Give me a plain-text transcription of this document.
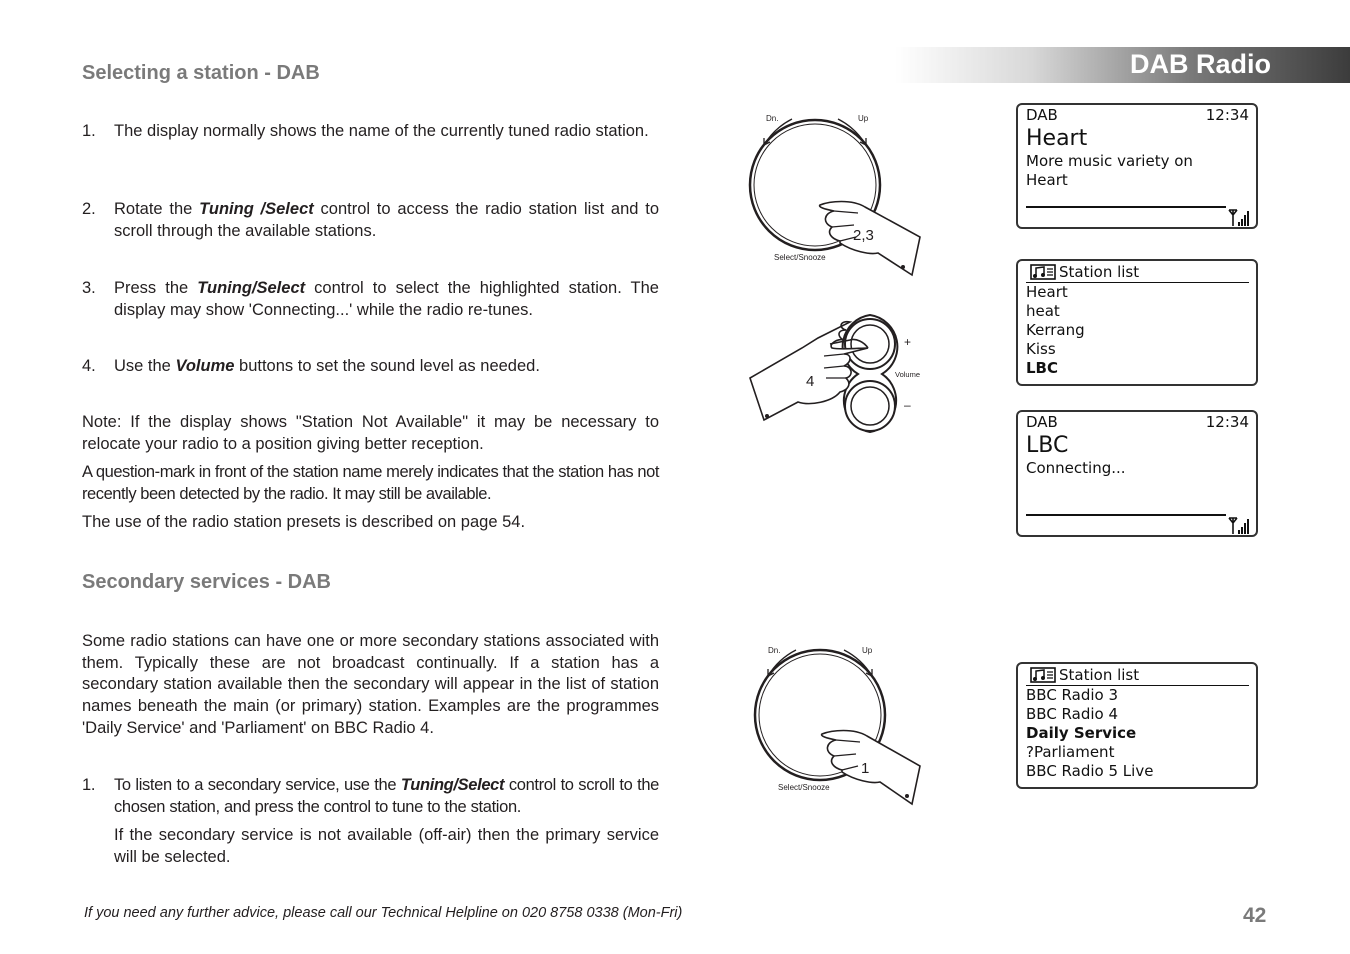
DAB Radio
Selecting a station - DAB
1. The display normally shows the name of the currently tuned radio station.
2. Rotate the Tuning /Select control to access the radio station list and to scroll through the available stations.
3. Press the Tuning/Select control to select the highlighted station. The display may show 'Connecting...' while the radio re-tunes.
4. Use the Volume buttons to set the sound level as needed.
Note: If the display shows "Station Not Available" it may be necessary to relocate your radio to a position giving better reception.
A question-mark in front of the station name merely indicates that the station has not recently been detected by the radio. It may still be available.
The use of the radio station presets is described on page 54.
Secondary services - DAB
Some radio stations can have one or more secondary stations associated with them. Typically these are not broadcast continually. If a station has a secondary station available then the secondary will appear in the list of station names beneath the main (or primary) station. Examples are the programmes 'Daily Service' and 'Parliament' on BBC Radio 4.
1. To listen to a secondary service, use the Tuning/Select control to scroll to the chosen station, and press the control to tune to the station.
If the secondary service is not available (off-air) then the primary service will be selected.
Dn.	Up
Select/Snooze
2,3
+
Volume
–
4
Dn.	Up
Select/Snooze
1
DAB	12:34
Heart
More music variety on
Heart
Station list
Heart
heat
Kerrang
Kiss
LBC
DAB	12:34
LBC
Connecting...
Station list
BBC Radio 3
BBC Radio 4
Daily Service
?Parliament
BBC Radio 5 Live
If you need any further advice, please call our Technical Helpline on 020 8758 0338 (Mon-Fri)	42
